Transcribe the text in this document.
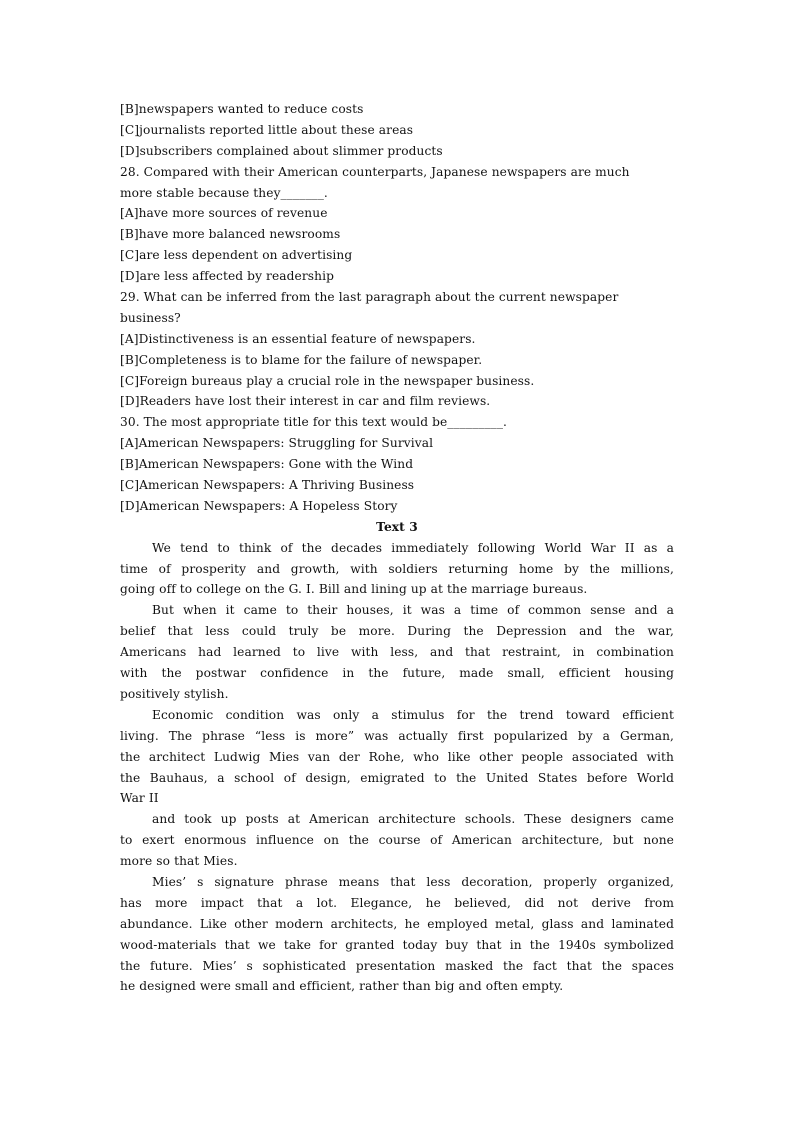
[B]newspapers wanted to reduce costs
[C]journalists reported little about these areas
[D]subscribers complained about slimmer products
28. Compared with their American counterparts, Japanese newspapers are much
more stable because they_______.
[A]have more sources of revenue
[B]have more balanced newsrooms
[C]are less dependent on advertising
[D]are less affected by readership
29. What can be inferred from the last paragraph about the current newspaper
business?
[A]Distinctiveness is an essential feature of newspapers.
[B]Completeness is to blame for the failure of newspaper.
[C]Foreign bureaus play a crucial role in the newspaper business.
[D]Readers have lost their interest in car and film reviews.
30. The most appropriate title for this text would be_________.
[A]American Newspapers: Struggling for Survival
[B]American Newspapers: Gone with the Wind
[C]American Newspapers: A Thriving Business
[D]American Newspapers: A Hopeless Story
Text 3
We tend to think of the decades immediately following World War II as a
time of prosperity and growth, with soldiers returning home by the millions,
going off to college on the G. I. Bill and lining up at the marriage bureaus.
But when it came to their houses, it was a time of common sense and a
belief that less could truly be more. During the Depression and the war,
Americans had learned to live with less, and that restraint, in combination
with the postwar confidence in the future, made small, efficient housing
positively stylish.
Economic condition was only a stimulus for the trend toward efficient
living. The phrase “less is more” was actually first popularized by a German,
the architect Ludwig Mies van der Rohe, who like other people associated with
the Bauhaus, a school of design, emigrated to the United States before World
War II
and took up posts at American architecture schools. These designers came
to exert enormous influence on the course of American architecture, but none
more so that Mies.
Mies’ s signature phrase means that less decoration, properly organized,
has more impact that a lot. Elegance, he believed, did not derive from
abundance. Like other modern architects, he employed metal, glass and laminated
wood-materials that we take for granted today buy that in the 1940s symbolized
the future. Mies’ s sophisticated presentation masked the fact that the spaces
he designed were small and efficient, rather than big and often empty.
